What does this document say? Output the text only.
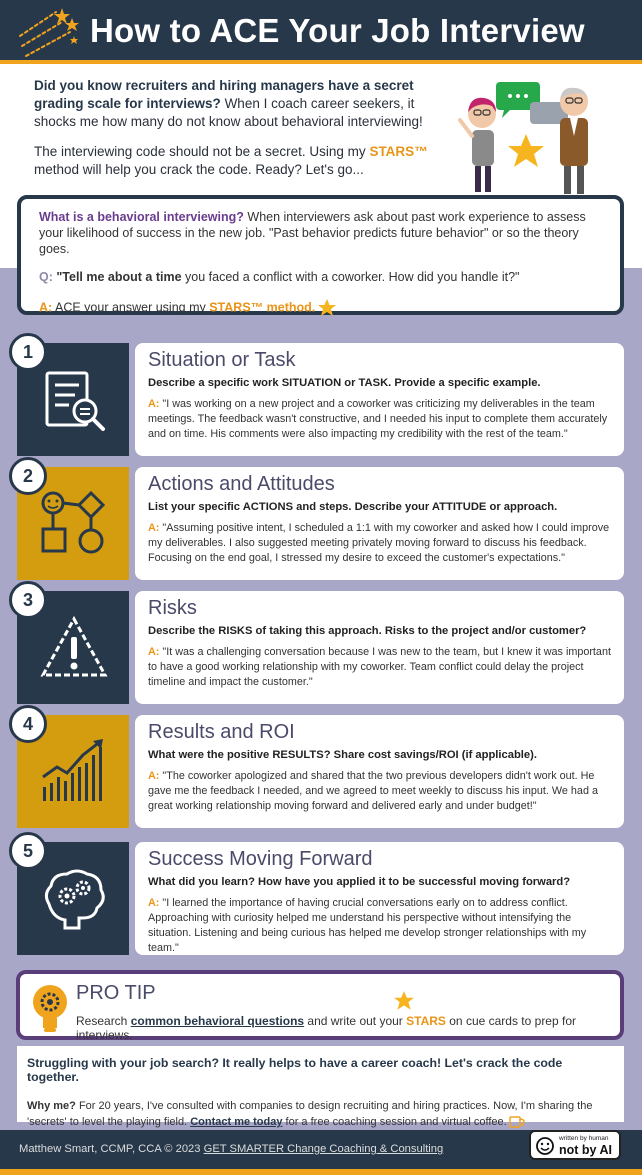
How to ACE Your Job Interview

Did you know recruiters and hiring managers have a secret grading scale for interviews? When I coach career seekers, it shocks me how many do not know about behavioral interviewing!

The interviewing code should not be a secret. Using my STARS™ method will help you crack the code. Ready? Let's go...

What is a behavioral interviewing? When interviewers ask about past work experience to assess your likelihood of success in the new job. "Past behavior predicts future behavior" or so the theory goes.
Q: "Tell me about a time you faced a conflict with a coworker. How did you handle it?"
A: ACE your answer using my STARS™ method.
1	Situation or Task
Describe a specific work SITUATION or TASK. Provide a specific example.
A: "I was working on a new project and a coworker was criticizing my deliverables in the team meetings. The feedback wasn't constructive, and I needed his input to complete them accurately and on time. His comments were also impacting my credibility with the rest of the team."
2	Actions and Attitudes
List your specific ACTIONS and steps. Describe your ATTITUDE or approach.
A: "Assuming positive intent, I scheduled a 1:1 with my coworker and asked how I could improve my deliverables. I also suggested meeting privately moving forward to discuss his feedback. Focusing on the end goal, I stressed my desire to exceed the customer's expectations."
3	Risks
Describe the RISKS of taking this approach. Risks to the project and/or customer?
A: "It was a challenging conversation because I was new to the team, but I knew it was important to have a good working relationship with my coworker. Team conflict could delay the project timeline and impact the customer."
4	Results and ROI
What were the positive RESULTS? Share cost savings/ROI (if applicable).
A: "The coworker apologized and shared that the two previous developers didn't work out. He gave me the feedback I needed, and we agreed to meet weekly to discuss his input. We had a great working relationship moving forward and delivered early and under budget!"
5	Success Moving Forward
What did you learn? How have you applied it to be successful moving forward?
A: "I learned the importance of having crucial conversations early on to address conflict. Approaching with curiosity helped me understand his perspective without intensifying the situation. Listening and being curious has helped me develop stronger relationships with my team."
PRO TIP
Research common behavioral questions and write out your STARS on cue cards to prep for interviews.
Struggling with your job search? It really helps to have a career coach! Let's crack the code together.
Why me? For 20 years, I've consulted with companies to design recruiting and hiring practices. Now, I'm sharing the 'secrets' to level the playing field. Contact me today for a free coaching session and virtual coffee.
Matthew Smart, CCMP, CCA © 2023 GET SMARTER Change Coaching & Consulting
written by human
not by AI
